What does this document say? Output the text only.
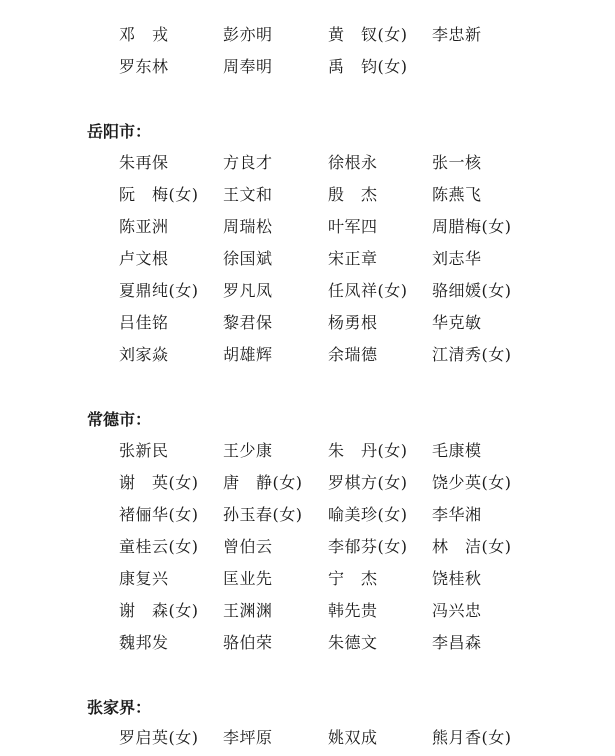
邓　戎	彭亦明	黄　钗(女) 李忠新
罗东林	周奉明	禹　钧(女)
岳阳市：
朱再保	方良才	徐根永	张一核
阮　梅(女) 王文和	殷　杰	陈燕飞
陈亚洲	周瑞松	叶军四	周腊梅(女)
卢文根	徐国斌	宋正章	刘志华
夏鼎纯(女) 罗凡凤	任凤祥(女) 骆细媛(女)
吕佳铭	黎君保	杨勇根	华克敏
刘家焱	胡雄辉	余瑞德	江清秀(女)
常德市：
张新民	王少康	朱　丹(女) 毛康模
谢　英(女) 唐　静(女) 罗棋方(女) 饶少英(女)
褚俪华(女) 孙玉春(女) 喻美珍(女) 李华湘
童桂云(女) 曾伯云	李郁芬(女) 林　洁(女)
康复兴	匡业先	宁　杰	饶桂秋
谢　森(女) 王渊渊	韩先贵	冯兴忠
魏邦发	骆伯荣	朱德文	李昌森
张家界：
罗启英(女) 李坪原	姚双成	熊月香(女)
